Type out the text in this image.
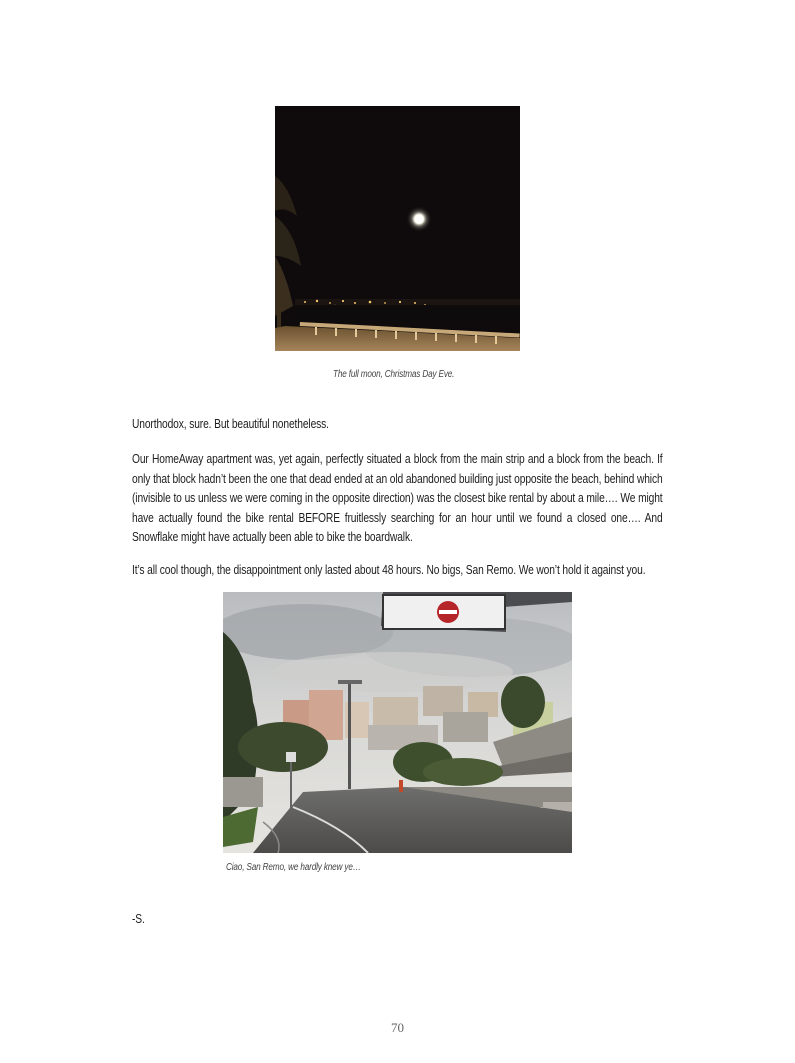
The full moon, Christmas Day Eve.

Unorthodox, sure. But beautiful nonetheless.

Our HomeAway apartment was, yet again, perfectly situated a block from the main strip and a block from the beach. If only that block hadn’t been the one that dead ended at an old abandoned building just opposite the beach, behind which (invisible to us unless we were coming in the opposite direction) was the closest bike rental by about a mile…. We might have actually found the bike rental BEFORE fruitlessly searching for an hour until we found a closed one…. And Snowflake might have actually been able to bike the boardwalk.

It’s all cool though, the disappointment only lasted about 48 hours. No bigs, San Remo. We won’t hold it against you.

Ciao, San Remo, we hardly knew ye…

-S.

70
